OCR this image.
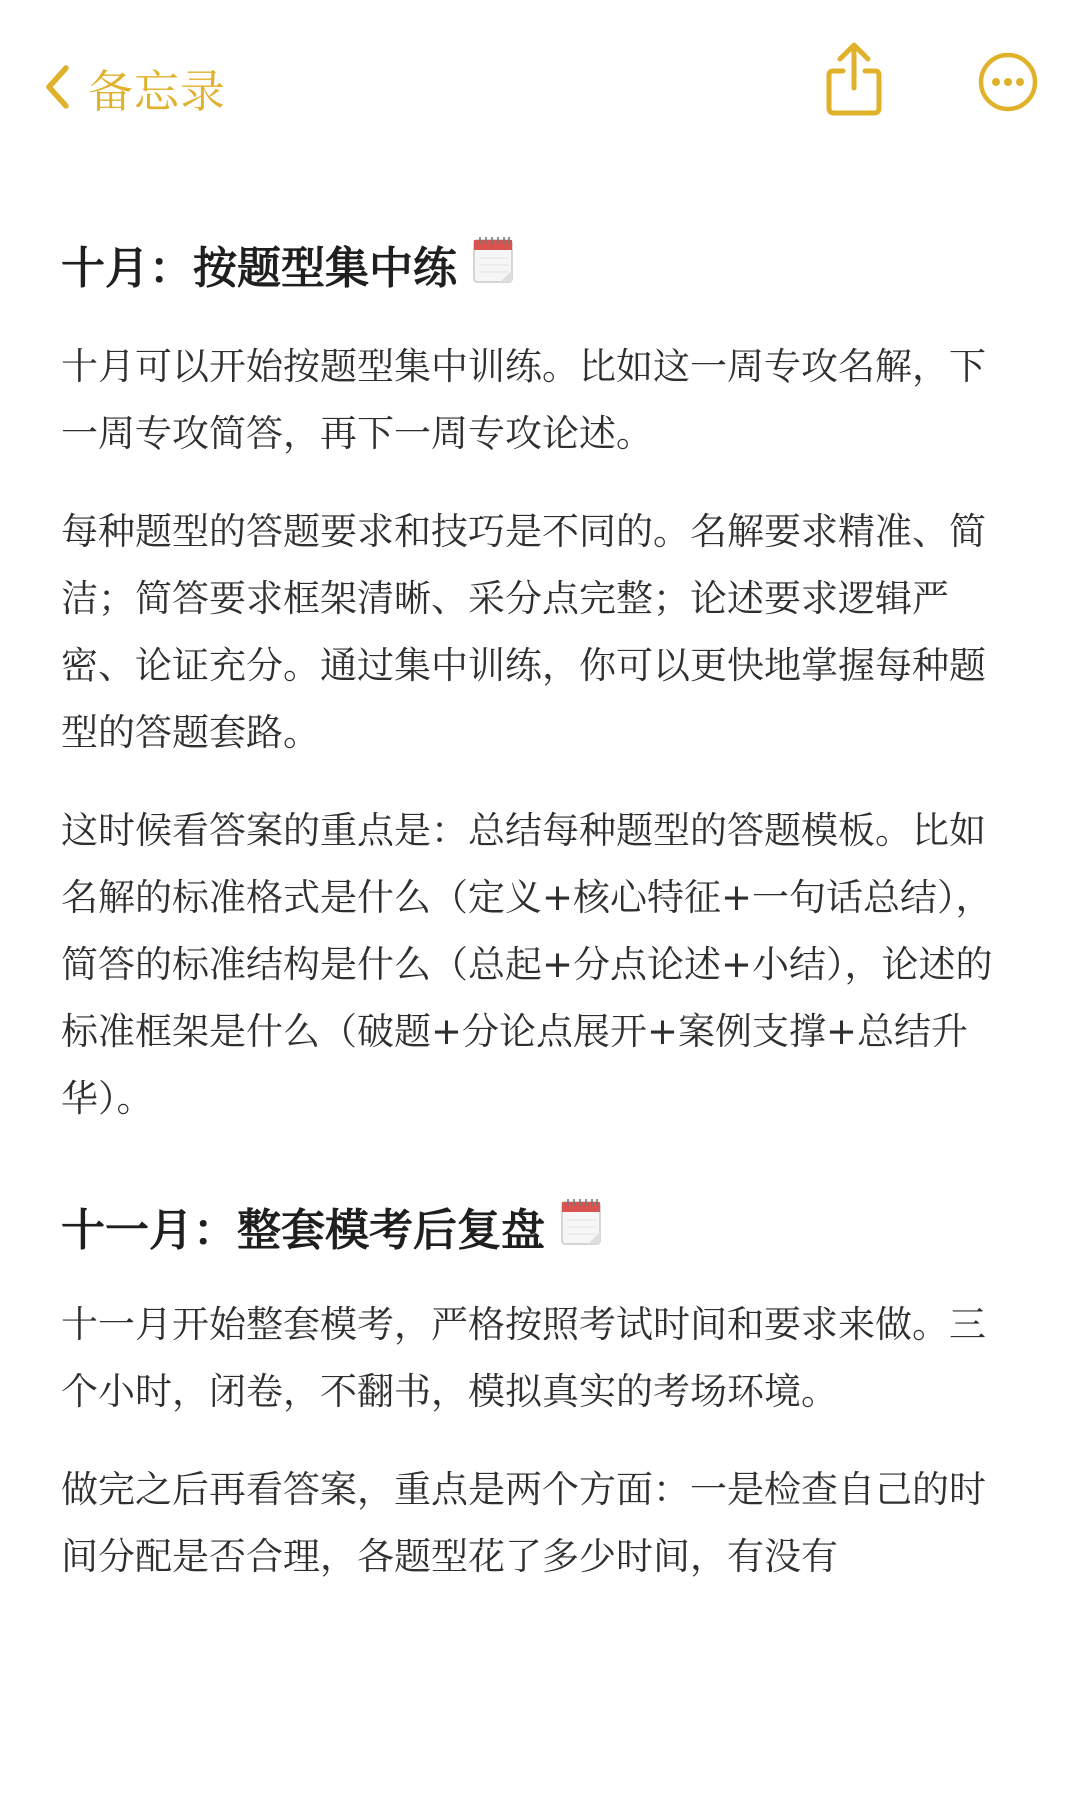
备忘录
十月：按题型集中练

十月可以开始按题型集中训练。比如这一周专攻名解，下一周专攻简答，再下一周专攻论述。

每种题型的答题要求和技巧是不同的。名解要求精准、简洁；简答要求框架清晰、采分点完整；论述要求逻辑严密、论证充分。通过集中训练，你可以更快地掌握每种题型的答题套路。

这时候看答案的重点是：总结每种题型的答题模板。比如名解的标准格式是什么（定义+核心特征+一句话总结），简答的标准结构是什么（总起+分点论述+小结），论述的标准框架是什么（破题+分论点展开+案例支撑+总结升华）。

十一月：整套模考后复盘

十一月开始整套模考，严格按照考试时间和要求来做。三个小时，闭卷，不翻书，模拟真实的考场环境。

做完之后再看答案，重点是两个方面：一是检查自己的时间分配是否合理，各题型花了多少时间，有没有
